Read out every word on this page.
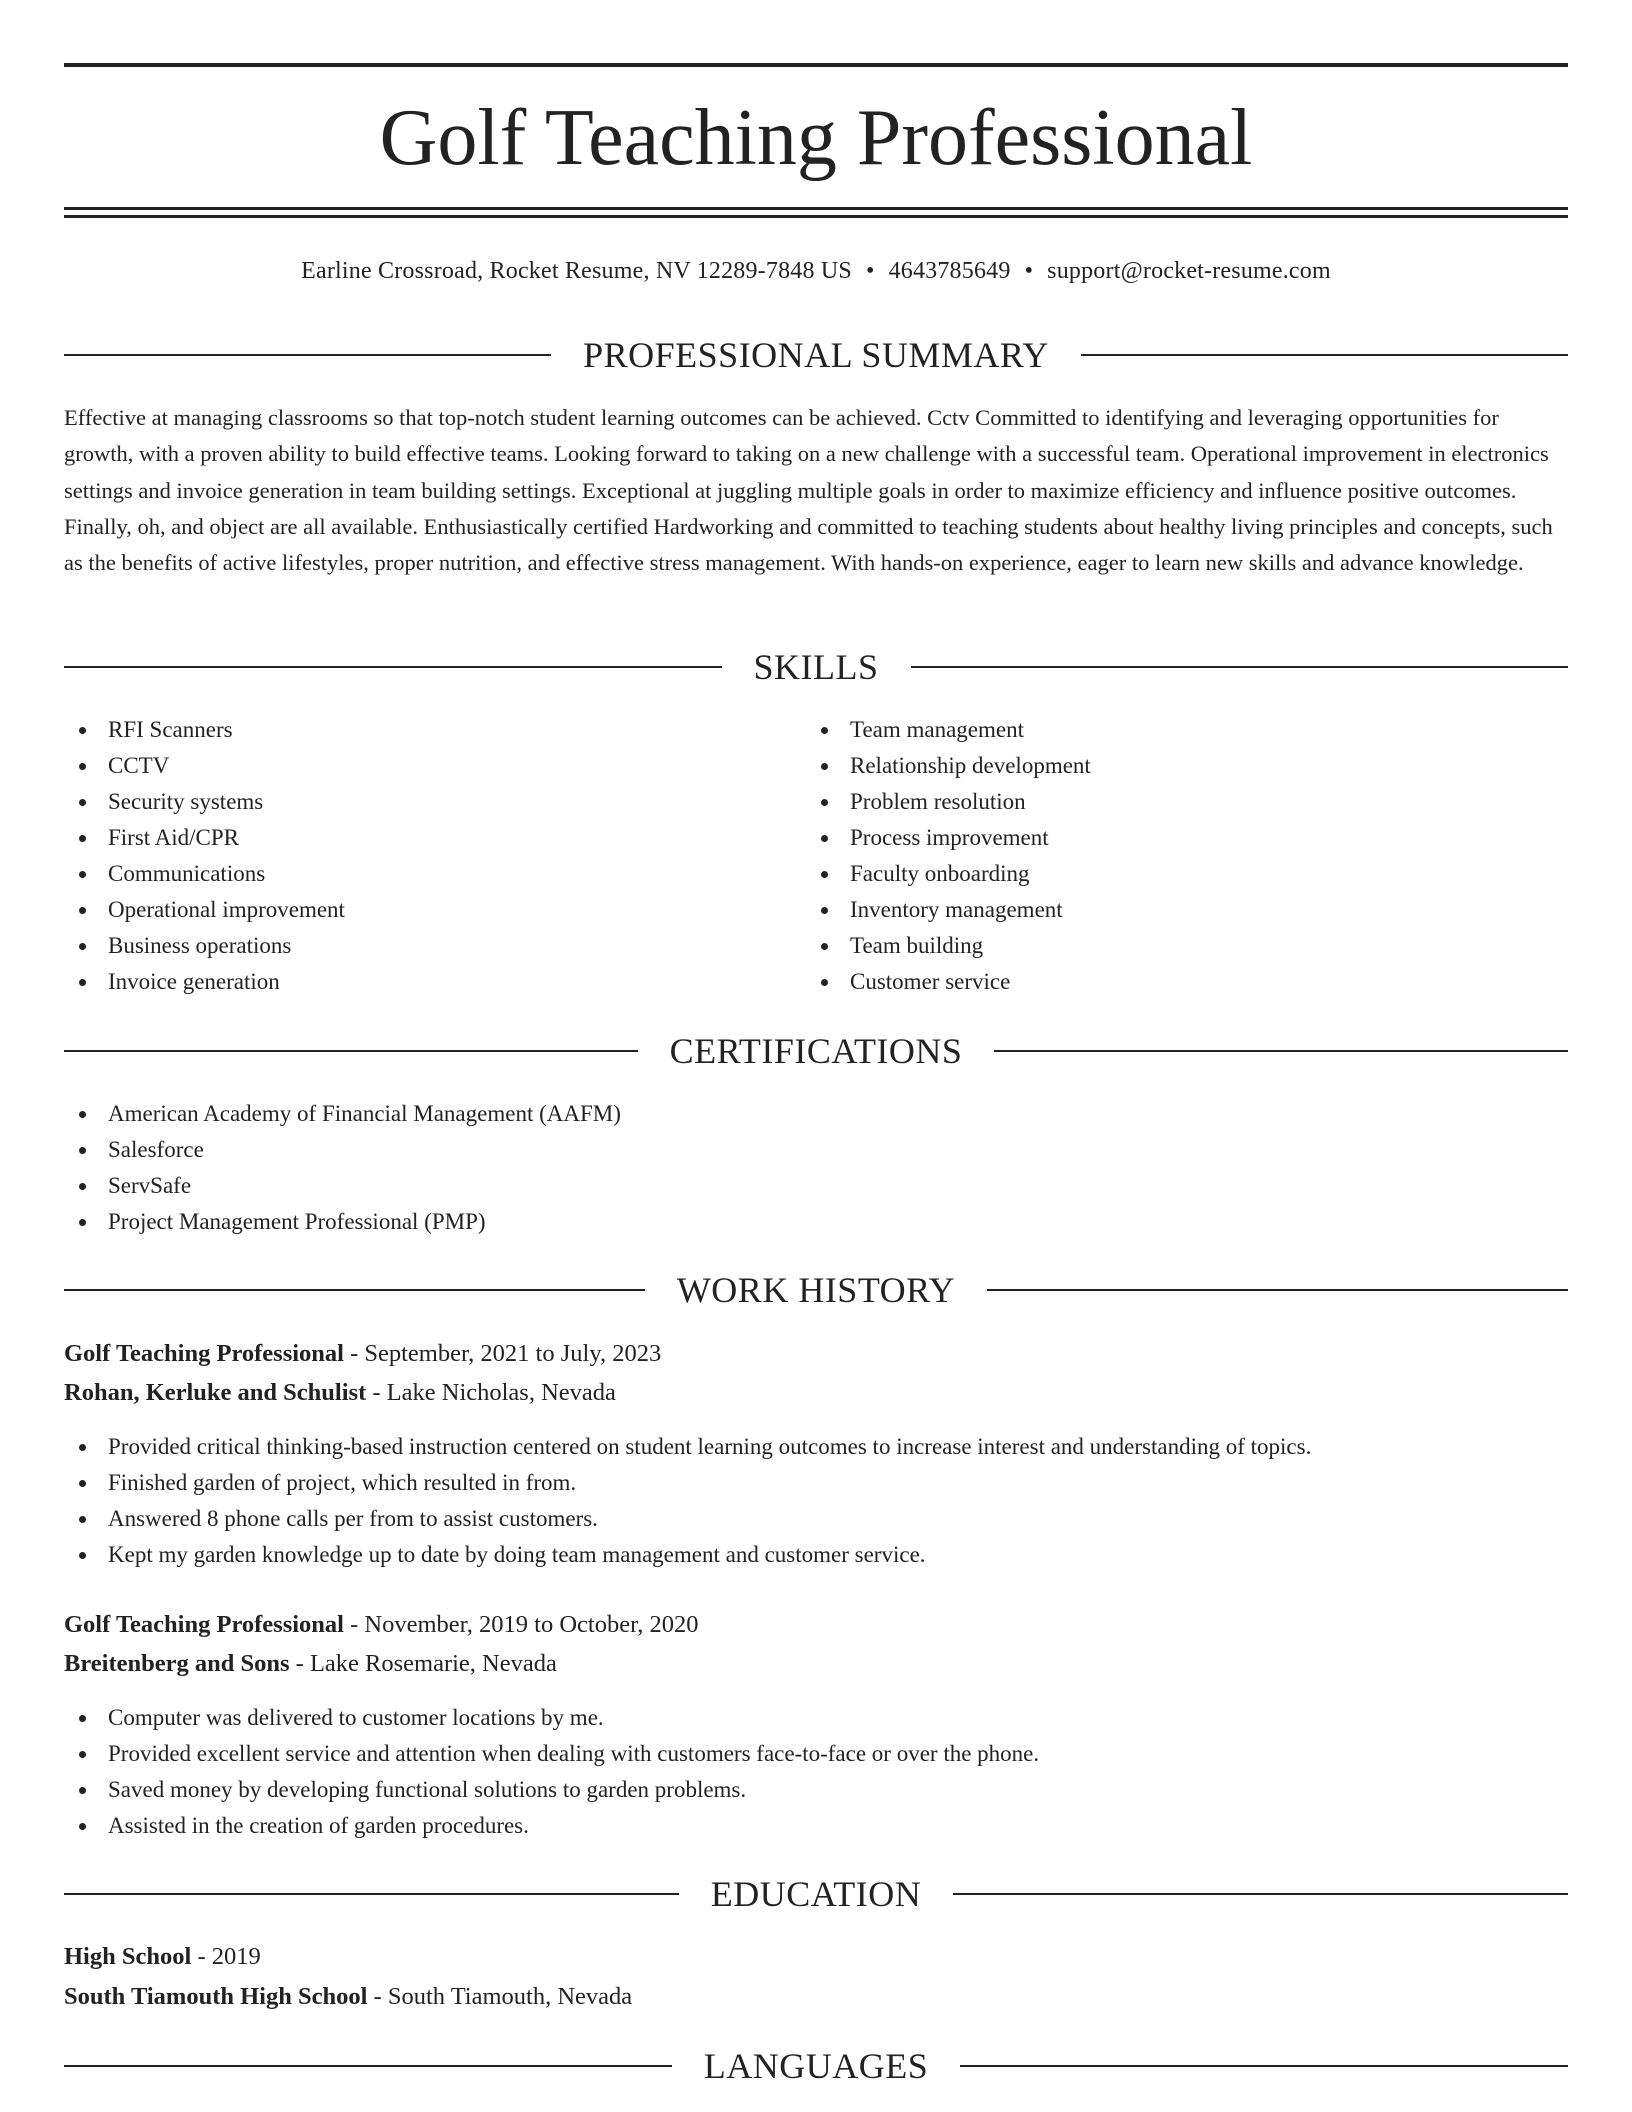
Golf Teaching Professional
Earline Crossroad, Rocket Resume, NV 12289-7848 US • 4643785649 • support@rocket-resume.com
PROFESSIONAL SUMMARY

Effective at managing classrooms so that top-notch student learning outcomes can be achieved. Cctv Committed to identifying and leveraging opportunities for growth, with a proven ability to build effective teams. Looking forward to taking on a new challenge with a successful team. Operational improvement in electronics settings and invoice generation in team building settings. Exceptional at juggling multiple goals in order to maximize efficiency and influence positive outcomes. Finally, oh, and object are all available. Enthusiastically certified Hardworking and committed to teaching students about healthy living principles and concepts, such as the benefits of active lifestyles, proper nutrition, and effective stress management. With hands-on experience, eager to learn new skills and advance knowledge.

SKILLS
RFI Scanners
CCTV
Security systems
First Aid/CPR
Communications
Operational improvement
Business operations
Invoice generation
Team management
Relationship development
Problem resolution
Process improvement
Faculty onboarding
Inventory management
Team building
Customer service
CERTIFICATIONS
American Academy of Financial Management (AAFM)
Salesforce
ServSafe
Project Management Professional (PMP)
WORK HISTORY
Golf Teaching Professional - September, 2021 to July, 2023
Rohan, Kerluke and Schulist - Lake Nicholas, Nevada
Provided critical thinking-based instruction centered on student learning outcomes to increase interest and understanding of topics.
Finished garden of project, which resulted in from.
Answered 8 phone calls per from to assist customers.
Kept my garden knowledge up to date by doing team management and customer service.
Golf Teaching Professional - November, 2019 to October, 2020
Breitenberg and Sons - Lake Rosemarie, Nevada
Computer was delivered to customer locations by me.
Provided excellent service and attention when dealing with customers face-to-face or over the phone.
Saved money by developing functional solutions to garden problems.
Assisted in the creation of garden procedures.
EDUCATION
High School - 2019
South Tiamouth High School - South Tiamouth, Nevada
LANGUAGES
